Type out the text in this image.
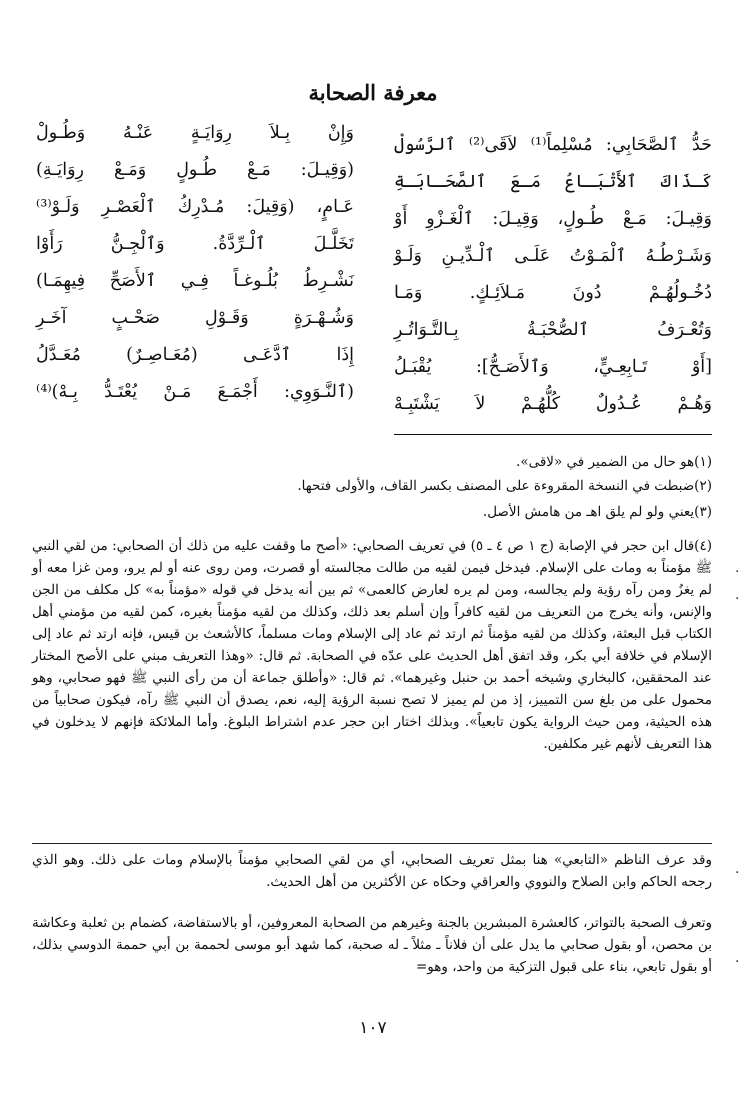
معرفة الصحابة
حَدُّ ٱلصَّحَابِي: مُسْلِماً⁽¹⁾ لاَقَى⁽²⁾ ٱلرَّسُولْ
كَـذَاكَ ٱلأَتْبَـاعُ مَـعَ ٱلصَّحَـابَـةِ
وَقِيـلَ: مَـعْ طُـولٍ، وَقِيـلَ: ٱلْغَـزْوِ أَوْ
وَشَـرْطُـهُ ٱلْمَـوْتُ عَلَـى ٱلْـدِّيـنِ وَلَـوْ
دُخُـولُهُـمْ دُونَ مَـلاَئِـكٍ. وَمَـا
وَتُعْـرَفُ ٱلصُّحْبَـةُ بِـالتَّـوَاتُـرِ
[أَوْ تَـابِعِـيٍّ، وَٱلأَصَـحُّ]: يُقْبَـلُ
وَهُـمْ عُـدُولٌ كُلُّهُـمْ لاَ يَشْتَبِـهْ
وَإِنْ بِـلاَ رِوَايَـةٍ عَنْـهُ وَطُـولْ
(وَقِيـلَ: مَـعْ طُـولٍ وَمَـعْ رِوَايَـةِ)
عَـامٍ، (وَقِيلَ: مُـدْرِكُ ٱلْعَصْـرِ وَلَـوْ⁽³⁾
تَخَلَّـلَ ٱلْـرِّدَّةُ. وَٱلْجِـنُّ رَأَوْا
نَشْـرِطُ بُلُـوغـاً فِـي ٱلأَصَحِّ فِيهِمَـا)
وَشُـهْـرَةٍ وَقَـوْلِ صَحْـبٍ آخَـرِ
إِذَا ٱدَّعَـى (مُعَـاصِـرٌ) مُعَـدَّلُ
(ٱلنَّـوَوِي: أَجْمَـعَ مَـنْ يُعْتَـدُّ بِـهْ)⁽⁴⁾
(١)هو حال من الضمير في «لاقى».
(٢)ضبطت في النسخة المقروءة على المصنف بكسر القاف، والأولى فتحها.
(٣)يعني ولو لم يلق اهـ من هامش الأصل.
(٤)قال ابن حجر في الإصابة (ج ١ ص ٤ ـ ٥) في تعريف الصحابي: «أصح ما وقفت عليه من ذلك أن الصحابي: من لقي النبي ﷺ مؤمناً به ومات على الإسلام. فيدخل فيمن لقيه من طالت مجالسته أو قصرت، ومن روى عنه أو لم يرو، ومن غزا معه أو لم يغزُ ومن رآه رؤية ولم يجالسه، ومن لم يره لعارض كالعمى» ثم بين أنه يدخل في قوله «مؤمناً به» كل مكلف من الجن والإنس، وأنه يخرج من التعريف من لقيه كافراً وإن أسلم بعد ذلك، وكذلك من لقيه مؤمناً بغيره، كمن لقيه من مؤمني أهل الكتاب قبل البعثة، وكذلك من لقيه مؤمناً ثم ارتد ثم عاد إلى الإسلام ومات مسلماً، كالأشعث بن قيس، فإنه ارتد ثم عاد إلى الإسلام في خلافة أبي بكر، وقد اتفق أهل الحديث على عدّه في الصحابة. ثم قال: «وهذا التعريف مبني على الأصح المختار عند المحققين، كالبخاري وشيخه أحمد بن حنبل وغيرهما». ثم قال: «وأطلق جماعة أن من رأى النبي ﷺ فهو صحابي، وهو محمول على من بلغ سن التمييز، إذ من لم يميز لا تصح نسبة الرؤية إليه، نعم، يصدق أن النبي ﷺ رآه، فيكون صحابياً من هذه الحيثية، ومن حيث الرواية يكون تابعياً». وبذلك اختار ابن حجر عدم اشتراط البلوغ. وأما الملائكة فإنهم لا يدخلون في هذا التعريف لأنهم غير مكلفين.
وقد عرف الناظم «التابعي» هنا بمثل تعريف الصحابي، أي من لقي الصحابي مؤمناً بالإسلام ومات على ذلك. وهو الذي رجحه الحاكم وابن الصلاح والنووي والعراقي وحكاه عن الأكثرين من أهل الحديث.
وتعرف الصحبة بالتواتر، كالعشرة المبشرين بالجنة وغيرهم من الصحابة المعروفين، أو بالاستفاضة، كضمام بن ثعلبة وعكاشة بن محصن، أو بقول صحابي ما يدل على أن فلاناً ـ مثلاً ـ له صحبة، كما شهد أبو موسى لحممة بن أبي حممة الدوسي بذلك، أو بقول تابعي، بناء على قبول التزكية من واحد، وهو=
١٠٧
·
·
·
·
